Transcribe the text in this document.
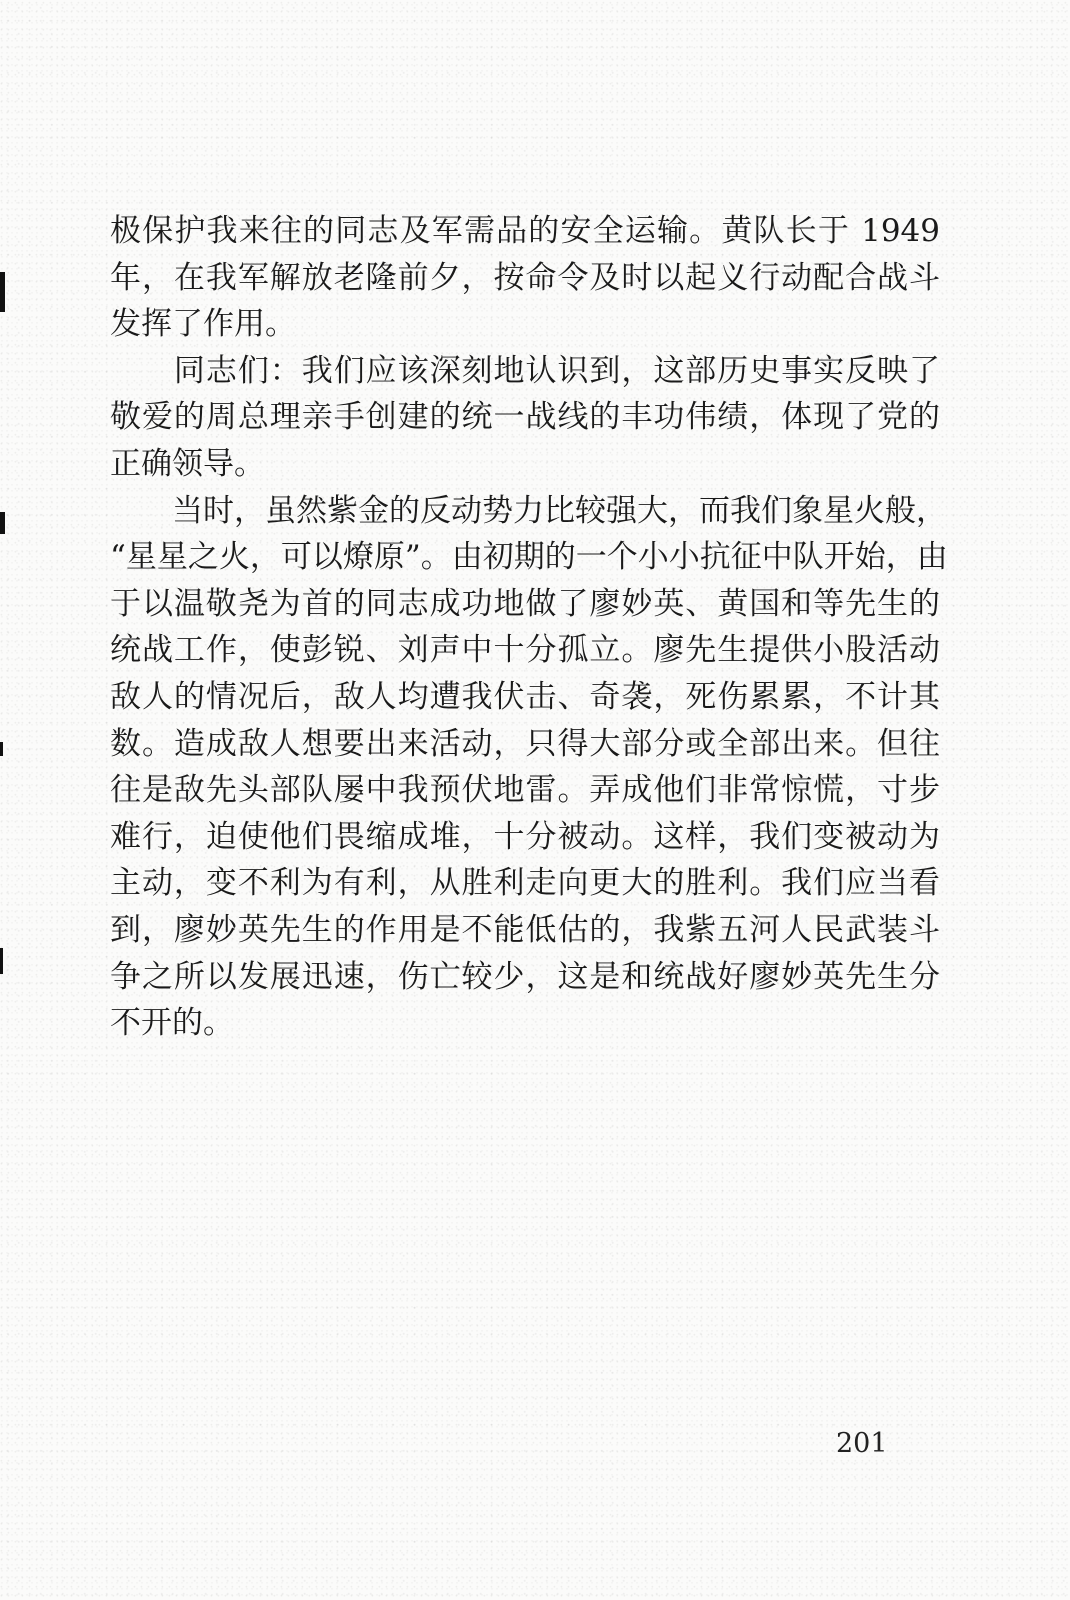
极保护我来往的同志及军需品的安全运输。黄队长于 1949
年，在我军解放老隆前夕，按命令及时以起义行动配合战斗
发挥了作用。
　　同志们：我们应该深刻地认识到，这部历史事实反映了
敬爱的周总理亲手创建的统一战线的丰功伟绩，体现了党的
正确领导。
　　当时，虽然紫金的反动势力比较强大，而我们象星火般，
“星星之火，可以燎原”。由初期的一个小小抗征中队开始，由
于以温敬尧为首的同志成功地做了廖妙英、黄国和等先生的
统战工作，使彭锐、刘声中十分孤立。廖先生提供小股活动
敌人的情况后，敌人均遭我伏击、奇袭，死伤累累，不计其
数。造成敌人想要出来活动，只得大部分或全部出来。但往
往是敌先头部队屡中我预伏地雷。弄成他们非常惊慌，寸步
难行，迫使他们畏缩成堆，十分被动。这样，我们变被动为
主动，变不利为有利，从胜利走向更大的胜利。我们应当看
到，廖妙英先生的作用是不能低估的，我紫五河人民武装斗
争之所以发展迅速，伤亡较少，这是和统战好廖妙英先生分
不开的。
201
